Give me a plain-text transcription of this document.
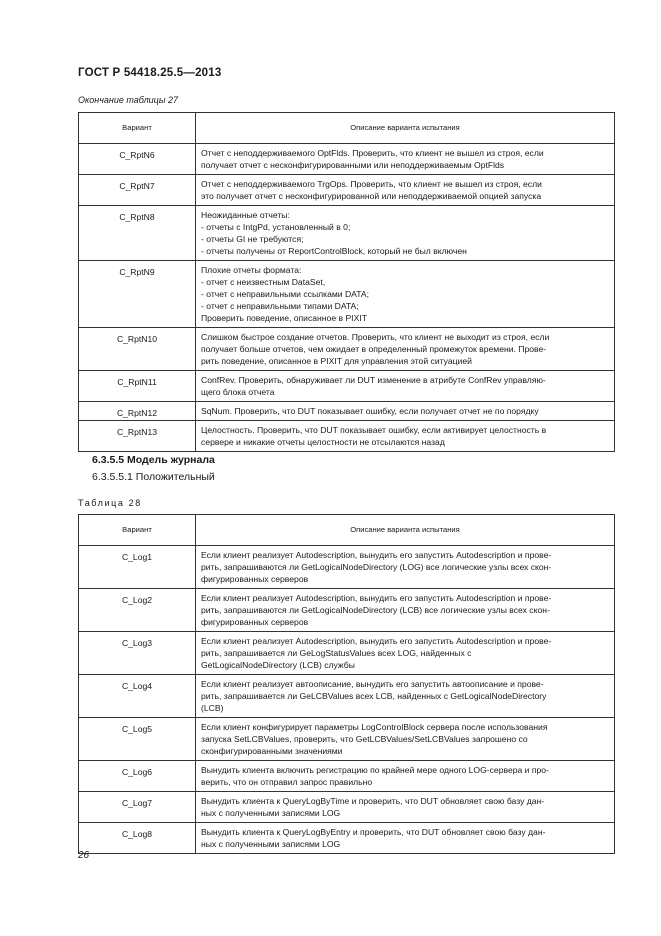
ГОСТ Р 54418.25.5—2013
Окончание таблицы 27
Вариант	Описание варианта испытания
C_RptN6	Отчет с неподдерживаемого OptFlds. Проверить, что клиент не вышел из строя, если
получает отчет с несконфигурированными или неподдерживаемым OptFlds

C_RptN7	Отчет с неподдерживаемого TrgOps. Проверить, что клиент не вышел из строя, если
это получает отчет с несконфигурированной или неподдерживаемой опцией запуска

C_RptN8	Неожиданные отчеты:
- отчеты с IntgPd, установленный в 0;
- отчеты GI не требуются;
- отчеты получены от ReportControlBlock, который не был включен

C_RptN9	Плохие отчеты формата:
- отчет с неизвестным DataSet,
- отчет с неправильными ссылками DATA;
- отчет с неправильными типами DATA;
Проверить поведение, описанное в PIXIT

C_RptN10	Слишком быстрое создание отчетов. Проверить, что клиент не выходит из строя, если
получает больше отчетов, чем ожидает в определенный промежуток времени. Прове-
рить поведение, описанное в PIXIT для управления этой ситуацией

C_RptN11	ConfRev. Проверить, обнаруживает ли DUT изменение в атрибуте ConfRev управляю-
щего блока отчета

C_RptN12	SqNum. Проверить, что DUT показывает ошибку, если получает отчет не по порядку

C_RptN13	Целостность. Проверить, что DUT показывает ошибку, если активирует целостность в
сервере и никакие отчеты целостности не отсылаются назад
6.3.5.5 Модель журнала
6.3.5.5.1 Положительный
Таблица 28
Вариант	Описание варианта испытания
C_Log1	Если клиент реализует Autodescription, вынудить его запустить Autodescription и прове-
рить, запрашиваются ли GetLogicalNodeDirectory (LOG) все логические узлы всех скон-
фигурированных серверов

C_Log2	Если клиент реализует Autodescription, вынудить его запустить Autodescription и прове-
рить, запрашиваются ли GetLogicalNodeDirectory (LCB) все логические узлы всех скон-
фигурированных серверов

C_Log3	Если клиент реализует Autodescription, вынудить его запустить Autodescription и прове-
рить, запрашивается ли GeLogStatusValues всех LOG, найденных с
GetLogicalNodeDirectory (LCB) службы

C_Log4	Если клиент реализует автоописание, вынудить его запустить автоописание и прове-
рить, запрашивается ли GeLCBValues всех LCB, найденных с GetLogicalNodeDirectory
(LCB)

C_Log5	Если клиент конфигурирует параметры LogControlBlock сервера после использования
запуска SetLCBValues, проверить, что GetLCBValues/SetLCBValues запрошено со
сконфигурированными значениями

C_Log6	Вынудить клиента включить регистрацию по крайней мере одного LOG-сервера и про-
верить, что он отправил запрос правильно

C_Log7	Вынудить клиента к QueryLogByTime и проверить, что DUT обновляет свою базу дан-
ных с полученными записями LOG

C_Log8	Вынудить клиента к QueryLogByEntry и проверить, что DUT обновляет свою базу дан-
ных с полученными записями LOG
26
